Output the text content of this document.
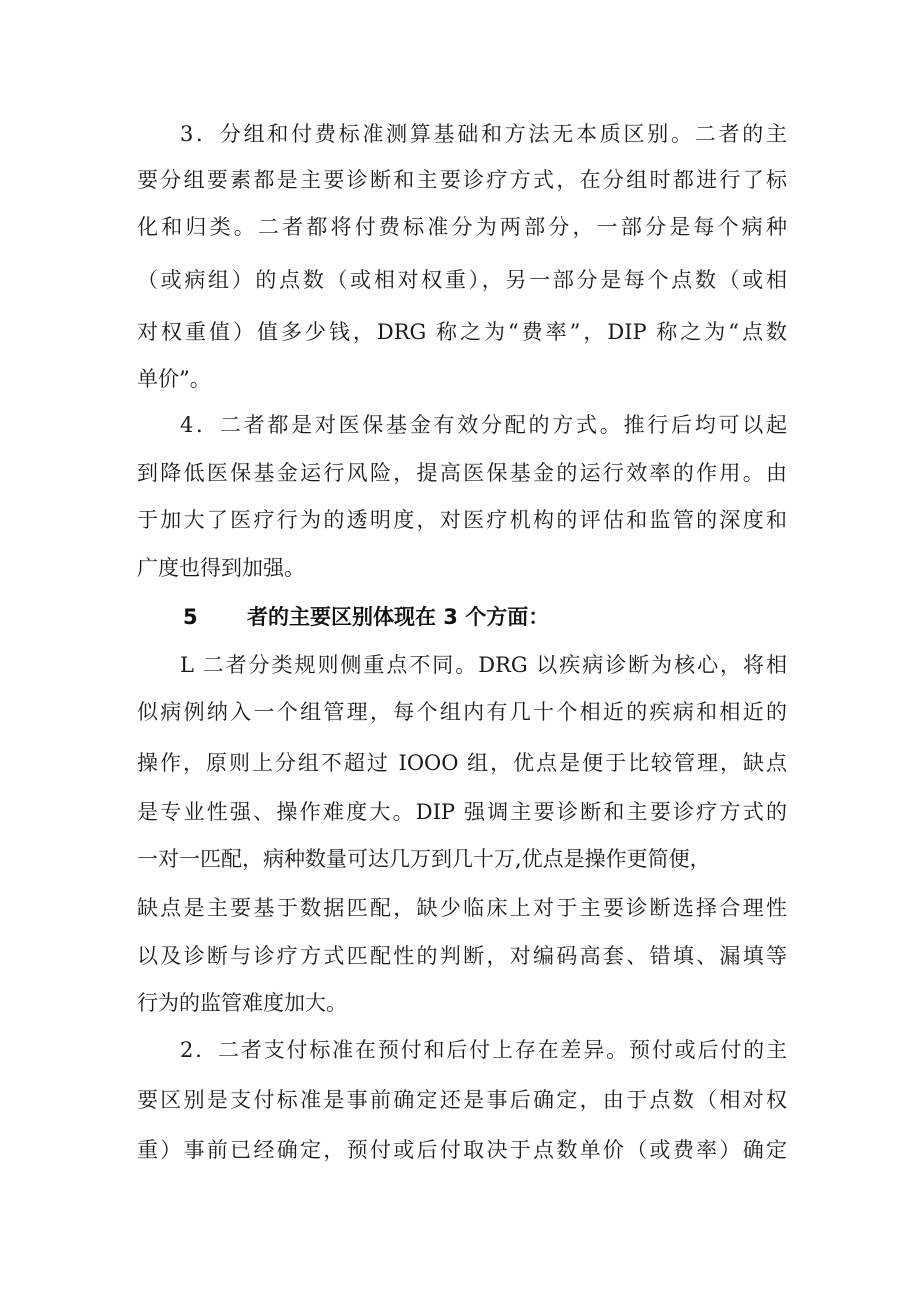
3．分组和付费标准测算基础和方法无本质区别。二者的主
要分组要素都是主要诊断和主要诊疗方式，在分组时都进行了标
化和归类。二者都将付费标准分为两部分，一部分是每个病种
（或病组）的点数（或相对权重），另一部分是每个点数（或相
对权重值）值多少钱，DRG 称之为“费率”，DIP 称之为“点数
单价”。
4．二者都是对医保基金有效分配的方式。推行后均可以起
到降低医保基金运行风险，提高医保基金的运行效率的作用。由
于加大了医疗行为的透明度，对医疗机构的评估和监管的深度和
广度也得到加强。
5 者的主要区别体现在 3 个方面：
L 二者分类规则侧重点不同。DRG 以疾病诊断为核心，将相
似病例纳入一个组管理，每个组内有几十个相近的疾病和相近的
操作，原则上分组不超过 IOOO 组，优点是便于比较管理，缺点
是专业性强、操作难度大。DIP 强调主要诊断和主要诊疗方式的
一对一匹配，病种数量可达几万到几十万,优点是操作更简便，
缺点是主要基于数据匹配，缺少临床上对于主要诊断选择合理性
以及诊断与诊疗方式匹配性的判断，对编码高套、错填、漏填等
行为的监管难度加大。
2．二者支付标准在预付和后付上存在差异。预付或后付的主
要区别是支付标准是事前确定还是事后确定，由于点数（相对权
重）事前已经确定，预付或后付取决于点数单价（或费率）确定
